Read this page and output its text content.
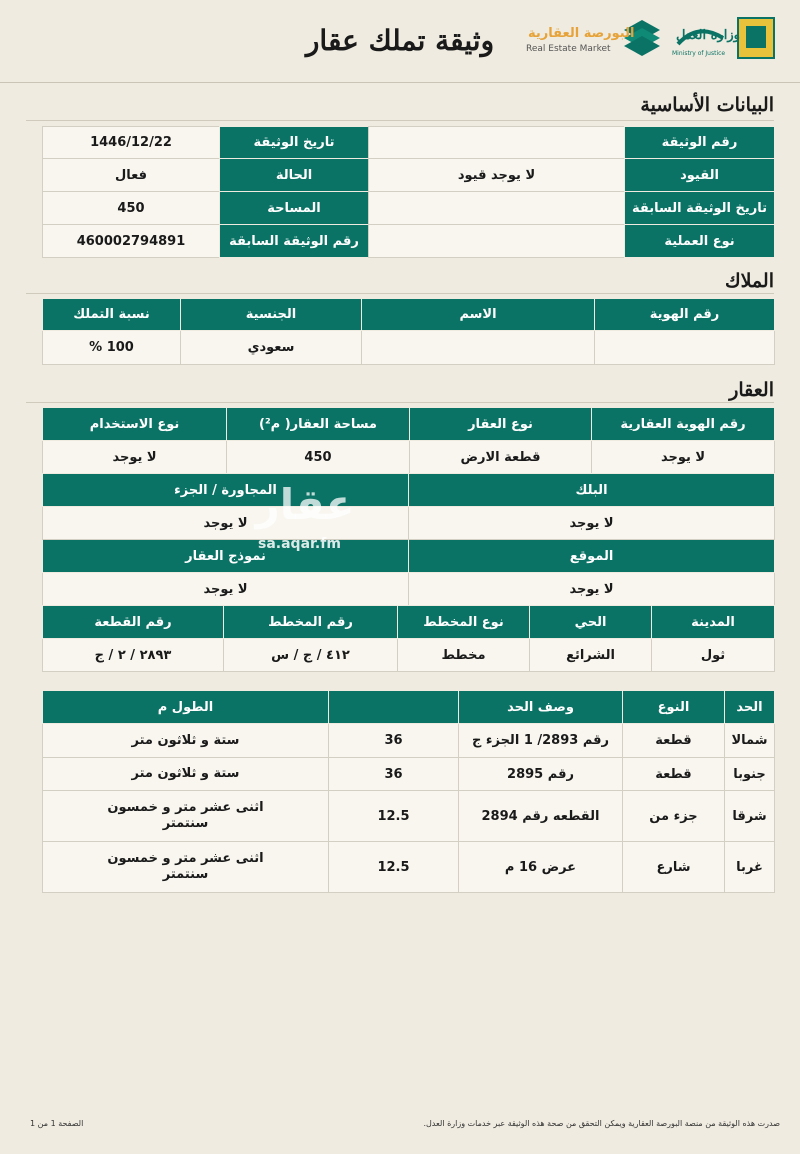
وزارة العدل
Ministry of Justice
البورصة العقارية
Real Estate Market
وثيقة تملك عقار
البيانات الأساسية
رقم الوثيقة		تاريخ الوثيقة	1446/12/22
القيود	لا يوجد قيود	الحالة	فعال
تاريخ الوثيقة السابقة		المساحة	450
نوع العملية		رقم الوثيقة السابقة	460002794891
الملاك
رقم الهوية	الاسم	الجنسية	نسبة التملك
		سعودي	100 %
العقار
رقم الهوية العقارية	نوع العقار	مساحة العقار( م²)	نوع الاستخدام
لا يوجد	قطعة الارض	450	لا يوجد
البلك	المجاورة / الجزء
لا يوجد	لا يوجد
الموقع	نموذج العقار
لا يوجد	لا يوجد
المدينة	الحي	نوع المخطط	رقم المخطط	رقم القطعة
ثول	الشرائع	مخطط	٤١٢ / ج / س	٢٨٩٣ / ٢ / ج
عقار
sa.aqar.fm
الحد	النوع	وصف الحد		الطول م
شمالا	قطعة	رقم 2893/ 1 الجزء ج	36	ستة و ثلاثون متر
جنوبا	قطعة	رقم 2895	36	ستة و ثلاثون متر
شرقا	جزء من	القطعه رقم 2894	12.5	اثنى عشر متر و خمسون سنتمتر
غربا	شارع	عرض 16 م	12.5	اثنى عشر متر و خمسون سنتمتر
صدرت هذه الوثيقة من منصة البورصة العقارية ويمكن التحقق من صحة هذه الوثيقة عبر خدمات وزارة العدل.
الصفحة 1 من 1
